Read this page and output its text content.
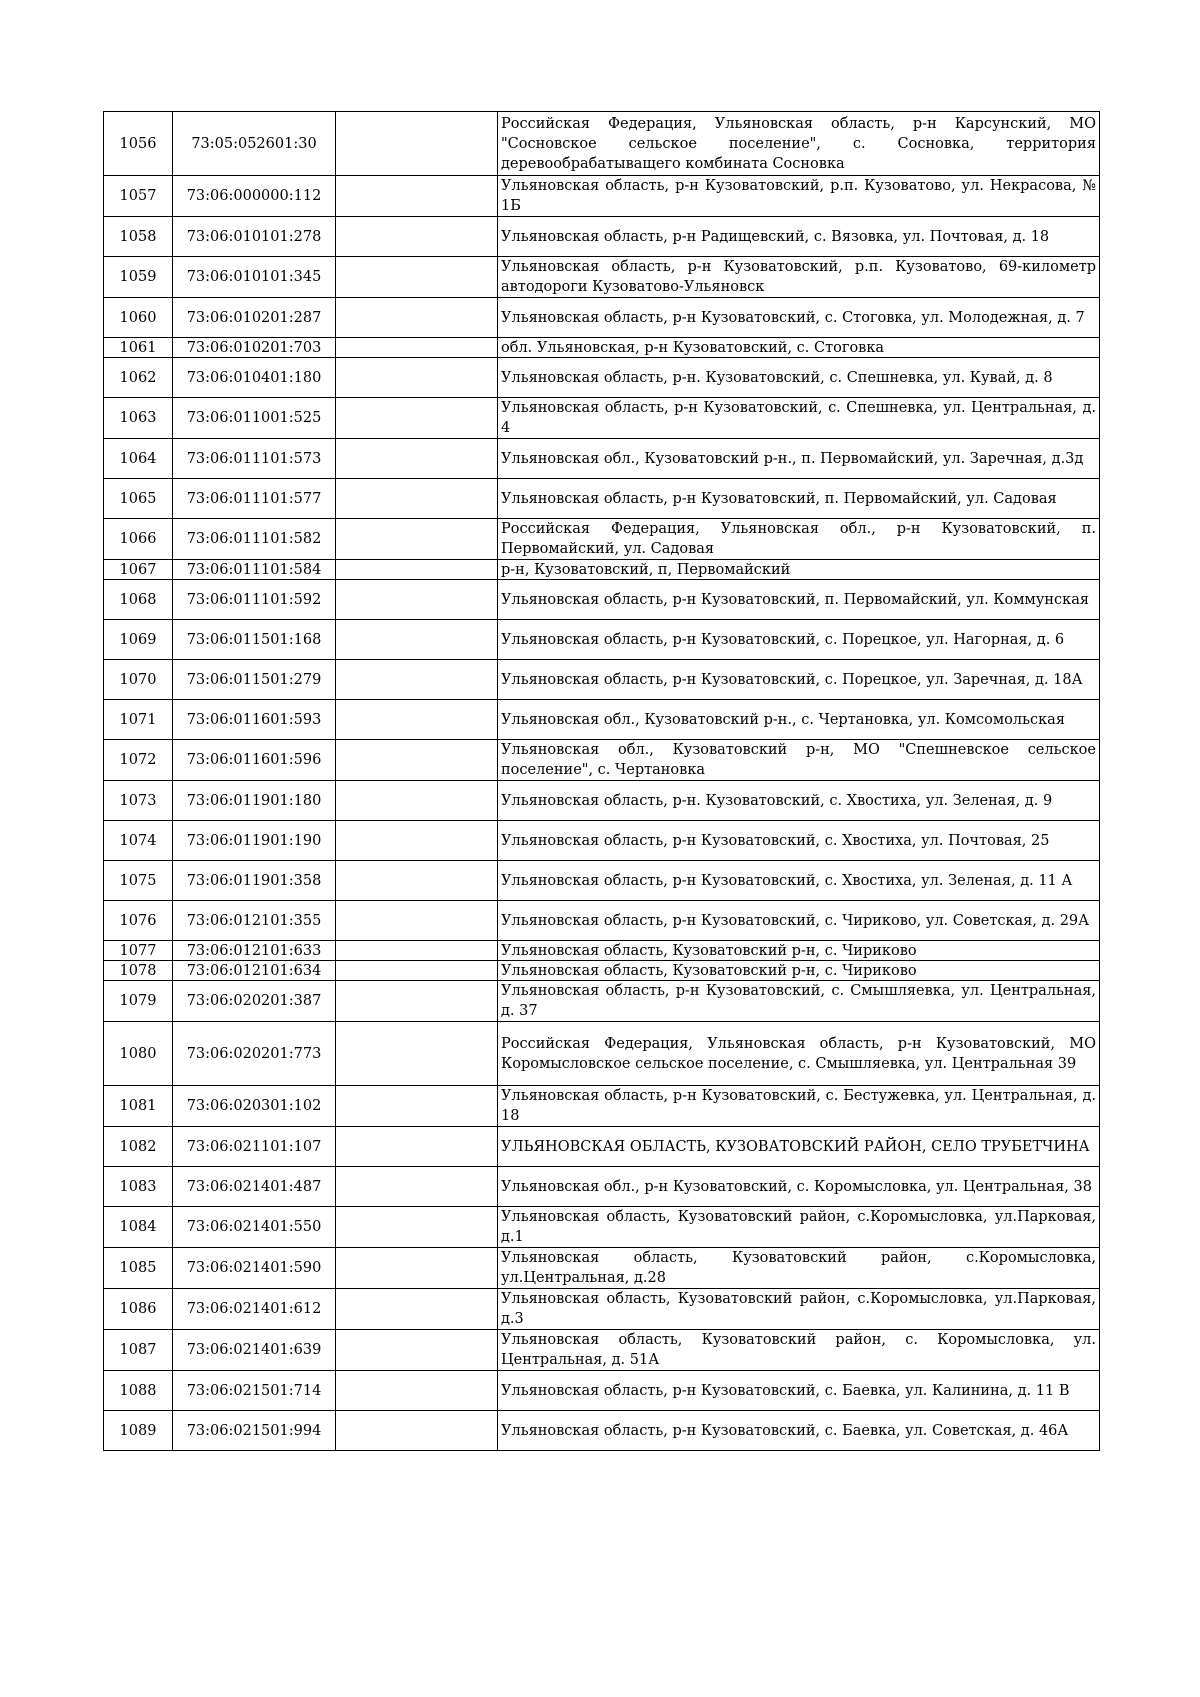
1056	73:05:052601:30		Российская Федерация, Ульяновская область, р-н Карсунский, МО "Сосновское сельское поселение", с. Сосновка, территория деревообрабатыващего комбината Сосновка
1057	73:06:000000:112		Ульяновская область, р-н Кузоватовский, р.п. Кузоватово, ул. Некрасова, № 1Б
1058	73:06:010101:278		Ульяновская область, р-н Радищевский, с. Вязовка, ул. Почтовая, д. 18
1059	73:06:010101:345		Ульяновская область, р-н Кузоватовский, р.п. Кузоватово, 69-километр автодороги Кузоватово-Ульяновск
1060	73:06:010201:287		Ульяновская область, р-н Кузоватовский, с. Стоговка, ул. Молодежная, д. 7
1061	73:06:010201:703		обл. Ульяновская, р-н Кузоватовский, с. Стоговка
1062	73:06:010401:180		Ульяновская область, р-н. Кузоватовский, с. Спешневка, ул. Кувай, д. 8
1063	73:06:011001:525		Ульяновская область, р-н Кузоватовский, с. Спешневка, ул. Центральная, д. 4
1064	73:06:011101:573		Ульяновская обл., Кузоватовский р-н., п. Первомайский, ул. Заречная, д.3д
1065	73:06:011101:577		Ульяновская область, р-н Кузоватовский, п. Первомайский, ул. Садовая
1066	73:06:011101:582		Российская Федерация, Ульяновская обл., р-н Кузоватовский, п. Первомайский, ул. Садовая
1067	73:06:011101:584		р-н, Кузоватовский, п, Первомайский
1068	73:06:011101:592		Ульяновская область, р-н Кузоватовский, п. Первомайский, ул. Коммунская
1069	73:06:011501:168		Ульяновская область, р-н Кузоватовский, с. Порецкое, ул. Нагорная, д. 6
1070	73:06:011501:279		Ульяновская область, р-н Кузоватовский, с. Порецкое, ул. Заречная, д. 18А
1071	73:06:011601:593		Ульяновская обл., Кузоватовский р-н., с. Чертановка, ул. Комсомольская
1072	73:06:011601:596		Ульяновская обл., Кузоватовский р-н, МО "Спешневское сельское поселение", с. Чертановка
1073	73:06:011901:180		Ульяновская область, р-н. Кузоватовский, с. Хвостиха, ул. Зеленая, д. 9
1074	73:06:011901:190		Ульяновская область, р-н Кузоватовский, с. Хвостиха, ул. Почтовая, 25
1075	73:06:011901:358		Ульяновская область, р-н Кузоватовский, с. Хвостиха, ул. Зеленая, д. 11 А
1076	73:06:012101:355		Ульяновская область, р-н Кузоватовский, с. Чириково, ул. Советская, д. 29А
1077	73:06:012101:633		Ульяновская область, Кузоватовский р-н, с. Чириково
1078	73:06:012101:634		Ульяновская область, Кузоватовский р-н, с. Чириково
1079	73:06:020201:387		Ульяновская область, р-н Кузоватовский, с. Смышляевка, ул. Центральная, д. 37
1080	73:06:020201:773		Российская Федерация, Ульяновская область, р-н Кузоватовский, МО Коромысловское сельское поселение, с. Смышляевка, ул. Центральная 39
1081	73:06:020301:102		Ульяновская область, р-н Кузоватовский, с. Бестужевка, ул. Центральная, д. 18
1082	73:06:021101:107		УЛЬЯНОВСКАЯ ОБЛАСТЬ, КУЗОВАТОВСКИЙ РАЙОН, СЕЛО ТРУБЕТЧИНА
1083	73:06:021401:487		Ульяновская обл., р-н Кузоватовский, с. Коромысловка, ул. Центральная, 38
1084	73:06:021401:550		Ульяновская область, Кузоватовский район, с.Коромысловка, ул.Парковая, д.1
1085	73:06:021401:590		Ульяновская область, Кузоватовский район, с.Коромысловка, ул.Центральная, д.28
1086	73:06:021401:612		Ульяновская область, Кузоватовский район, с.Коромысловка, ул.Парковая, д.3
1087	73:06:021401:639		Ульяновская область, Кузоватовский район, с. Коромысловка, ул. Центральная, д. 51А
1088	73:06:021501:714		Ульяновская область, р-н Кузоватовский, с. Баевка, ул. Калинина, д. 11 В
1089	73:06:021501:994		Ульяновская область, р-н Кузоватовский, с. Баевка, ул. Советская, д. 46А
